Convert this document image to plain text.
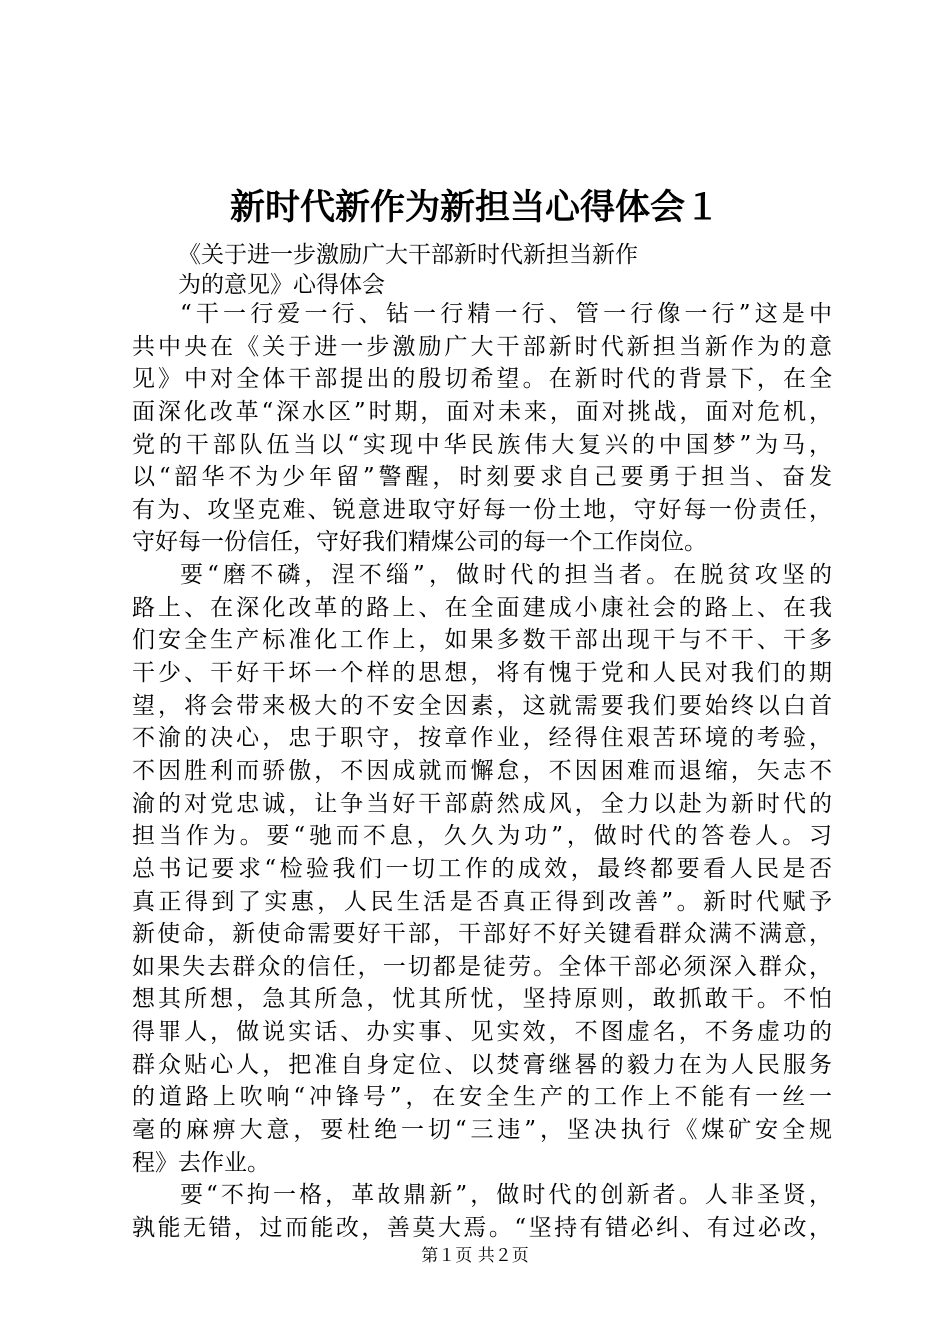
新时代新作为新担当心得体会１
《关于进一步激励广大干部新时代新担当新作
为的意见》心得体会
“干一行爱一行、钻一行精一行、管一行像一行”这是中
共中央在《关于进一步激励广大干部新时代新担当新作为的意
见》中对全体干部提出的殷切希望。在新时代的背景下，在全
面深化改革“深水区”时期，面对未来，面对挑战，面对危机，
党的干部队伍当以“实现中华民族伟大复兴的中国梦”为马，
以“韶华不为少年留”警醒，时刻要求自己要勇于担当、奋发
有为、攻坚克难、锐意进取守好每一份土地，守好每一份责任，
守好每一份信任，守好我们精煤公司的每一个工作岗位。
要“磨不磷，涅不缁”，做时代的担当者。在脱贫攻坚的
路上、在深化改革的路上、在全面建成小康社会的路上、在我
们安全生产标准化工作上，如果多数干部出现干与不干、干多
干少、干好干坏一个样的思想，将有愧于党和人民对我们的期
望，将会带来极大的不安全因素，这就需要我们要始终以白首
不渝的决心，忠于职守，按章作业，经得住艰苦环境的考验，
不因胜利而骄傲，不因成就而懈怠，不因困难而退缩，矢志不
渝的对党忠诚，让争当好干部蔚然成风，全力以赴为新时代的
担当作为。要“驰而不息，久久为功”，做时代的答卷人。习
总书记要求“检验我们一切工作的成效，最终都要看人民是否
真正得到了实惠，人民生活是否真正得到改善”。新时代赋予
新使命，新使命需要好干部，干部好不好关键看群众满不满意，
如果失去群众的信任，一切都是徒劳。全体干部必须深入群众，
想其所想，急其所急，忧其所忧，坚持原则，敢抓敢干。不怕
得罪人，做说实话、办实事、见实效，不图虚名，不务虚功的
群众贴心人，把准自身定位、以焚膏继晷的毅力在为人民服务
的道路上吹响“冲锋号”，在安全生产的工作上不能有一丝一
毫的麻痹大意，要杜绝一切“三违”，坚决执行《煤矿安全规
程》去作业。
要“不拘一格，革故鼎新”，做时代的创新者。人非圣贤，
孰能无错，过而能改，善莫大焉。“坚持有错必纠、有过必改，
第１页 共２页
